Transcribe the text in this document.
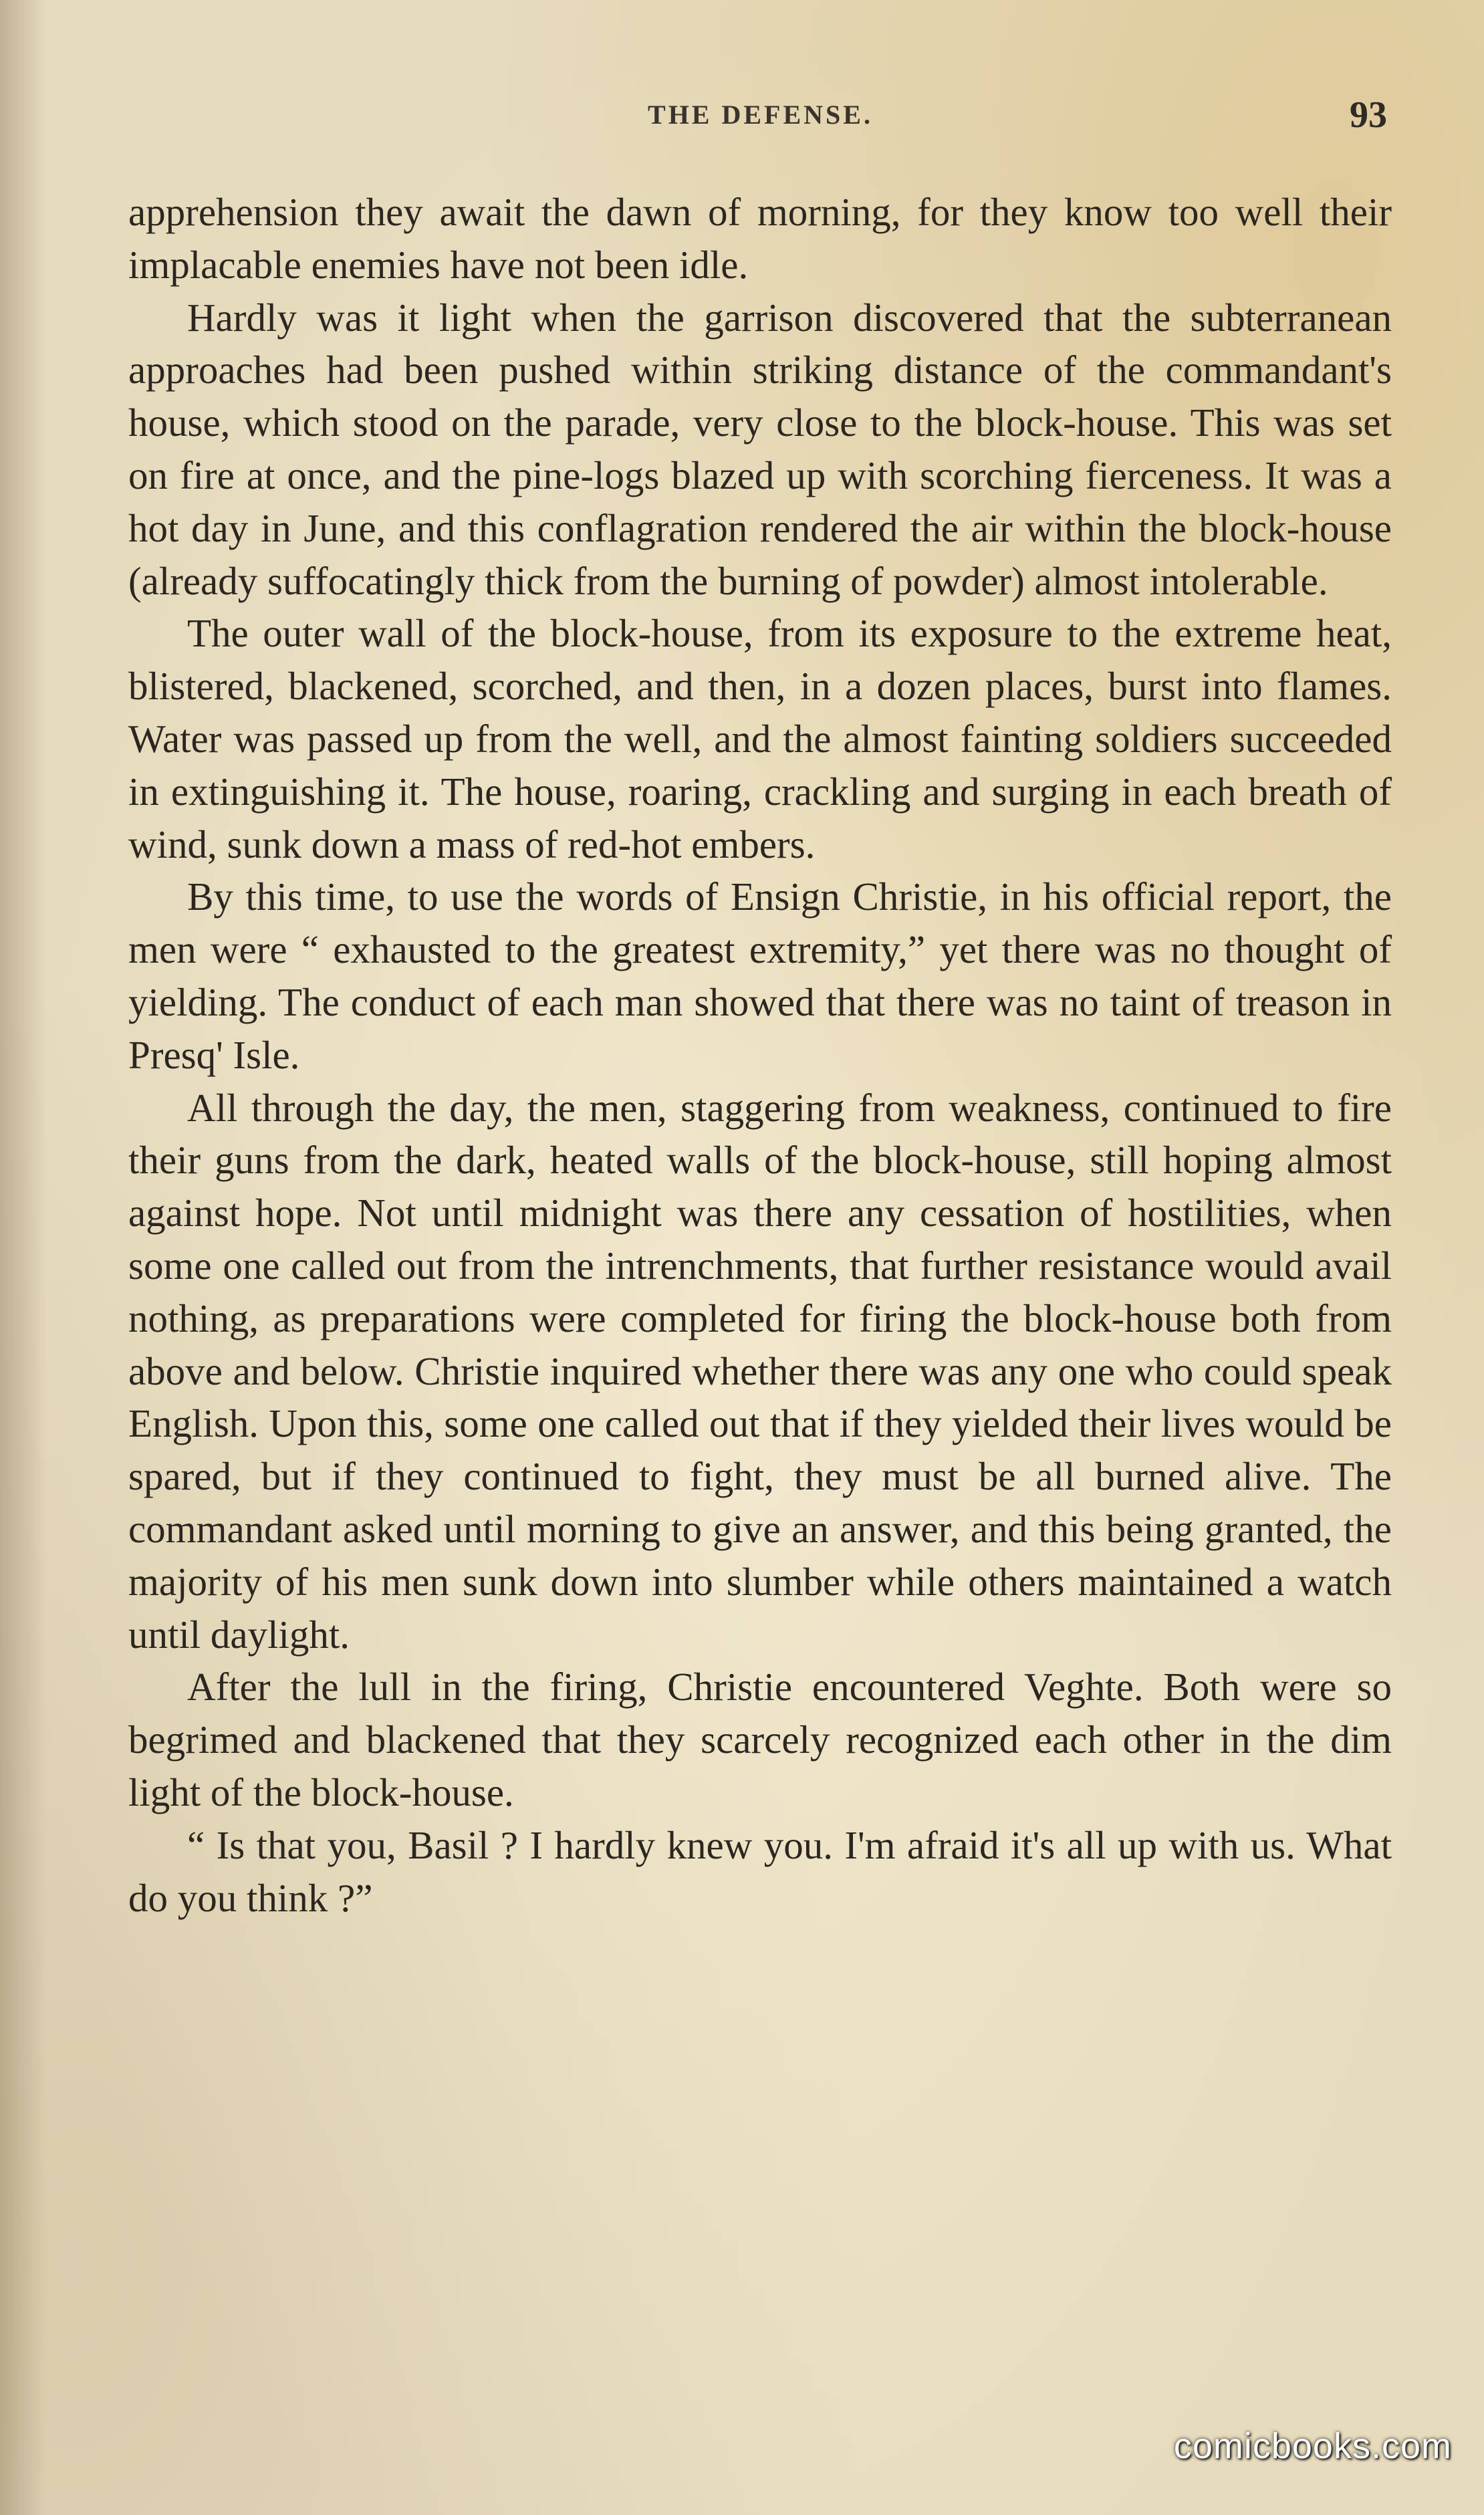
THE DEFENSE.	93

apprehension they await the dawn of morning, for they know too well their implacable enemies have not been idle.

Hardly was it light when the garrison discovered that the subterranean approaches had been pushed within striking distance of the commandant's house, which stood on the parade, very close to the block-house. This was set on fire at once, and the pine-logs blazed up with scorching fierceness. It was a hot day in June, and this conflagration rendered the air within the block-house (already suffocatingly thick from the burning of powder) almost intolerable.

The outer wall of the block-house, from its exposure to the extreme heat, blistered, blackened, scorched, and then, in a dozen places, burst into flames. Water was passed up from the well, and the almost fainting soldiers succeeded in extinguishing it. The house, roaring, crackling and surging in each breath of wind, sunk down a mass of red-hot embers.

By this time, to use the words of Ensign Christie, in his official report, the men were “ exhausted to the greatest extremity,” yet there was no thought of yielding. The conduct of each man showed that there was no taint of treason in Presq' Isle.

All through the day, the men, staggering from weakness, continued to fire their guns from the dark, heated walls of the block-house, still hoping almost against hope. Not until midnight was there any cessation of hostilities, when some one called out from the intrenchments, that further resistance would avail nothing, as preparations were completed for firing the block-house both from above and below. Christie inquired whether there was any one who could speak English. Upon this, some one called out that if they yielded their lives would be spared, but if they continued to fight, they must be all burned alive. The commandant asked until morning to give an answer, and this being granted, the majority of his men sunk down into slumber while others maintained a watch until daylight.

After the lull in the firing, Christie encountered Veghte. Both were so begrimed and blackened that they scarcely recognized each other in the dim light of the block-house.

“ Is that you, Basil ? I hardly knew you. I'm afraid it's all up with us. What do you think ?”

comicbooks.com
